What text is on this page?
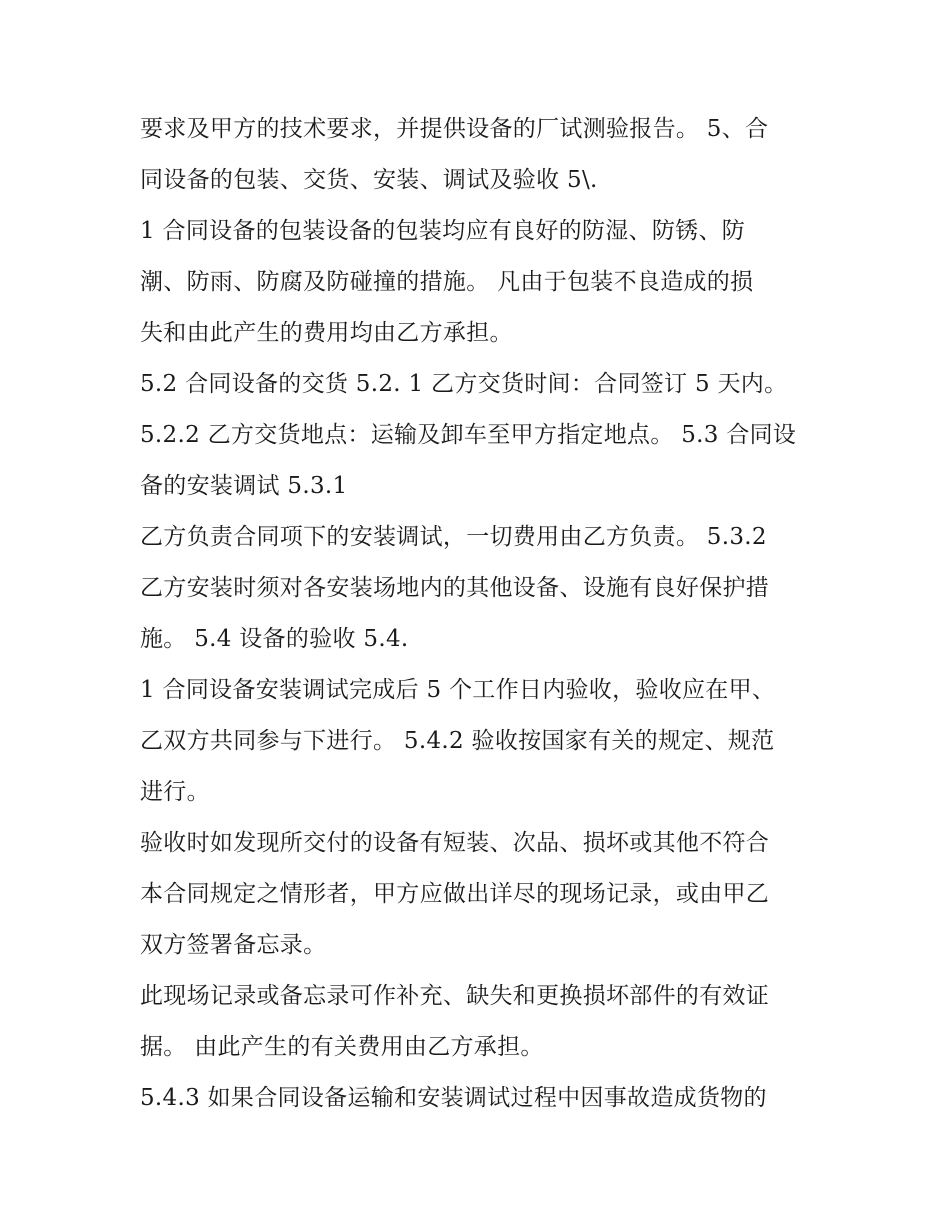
要求及甲方的技术要求，并提供设备的厂试测验报告。 5、合
同设备的包装、交货、安装、调试及验收 5\.
1 合同设备的包装设备的包装均应有良好的防湿、防锈、防
潮、防雨、防腐及防碰撞的措施。 凡由于包装不良造成的损
失和由此产生的费用均由乙方承担。
5.2 合同设备的交货 5.2. 1 乙方交货时间：合同签订 5 天内。
5.2.2 乙方交货地点：运输及卸车至甲方指定地点。 5.3 合同设
备的安装调试 5.3.1
乙方负责合同项下的安装调试，一切费用由乙方负责。 5.3.2
乙方安装时须对各安装场地内的其他设备、设施有良好保护措
施。 5.4 设备的验收 5.4.
1 合同设备安装调试完成后 5 个工作日内验收，验收应在甲、
乙双方共同参与下进行。 5.4.2 验收按国家有关的规定、规范
进行。
验收时如发现所交付的设备有短装、次品、损坏或其他不符合
本合同规定之情形者，甲方应做出详尽的现场记录，或由甲乙
双方签署备忘录。
此现场记录或备忘录可作补充、缺失和更换损坏部件的有效证
据。 由此产生的有关费用由乙方承担。
5.4.3 如果合同设备运输和安装调试过程中因事故造成货物的
